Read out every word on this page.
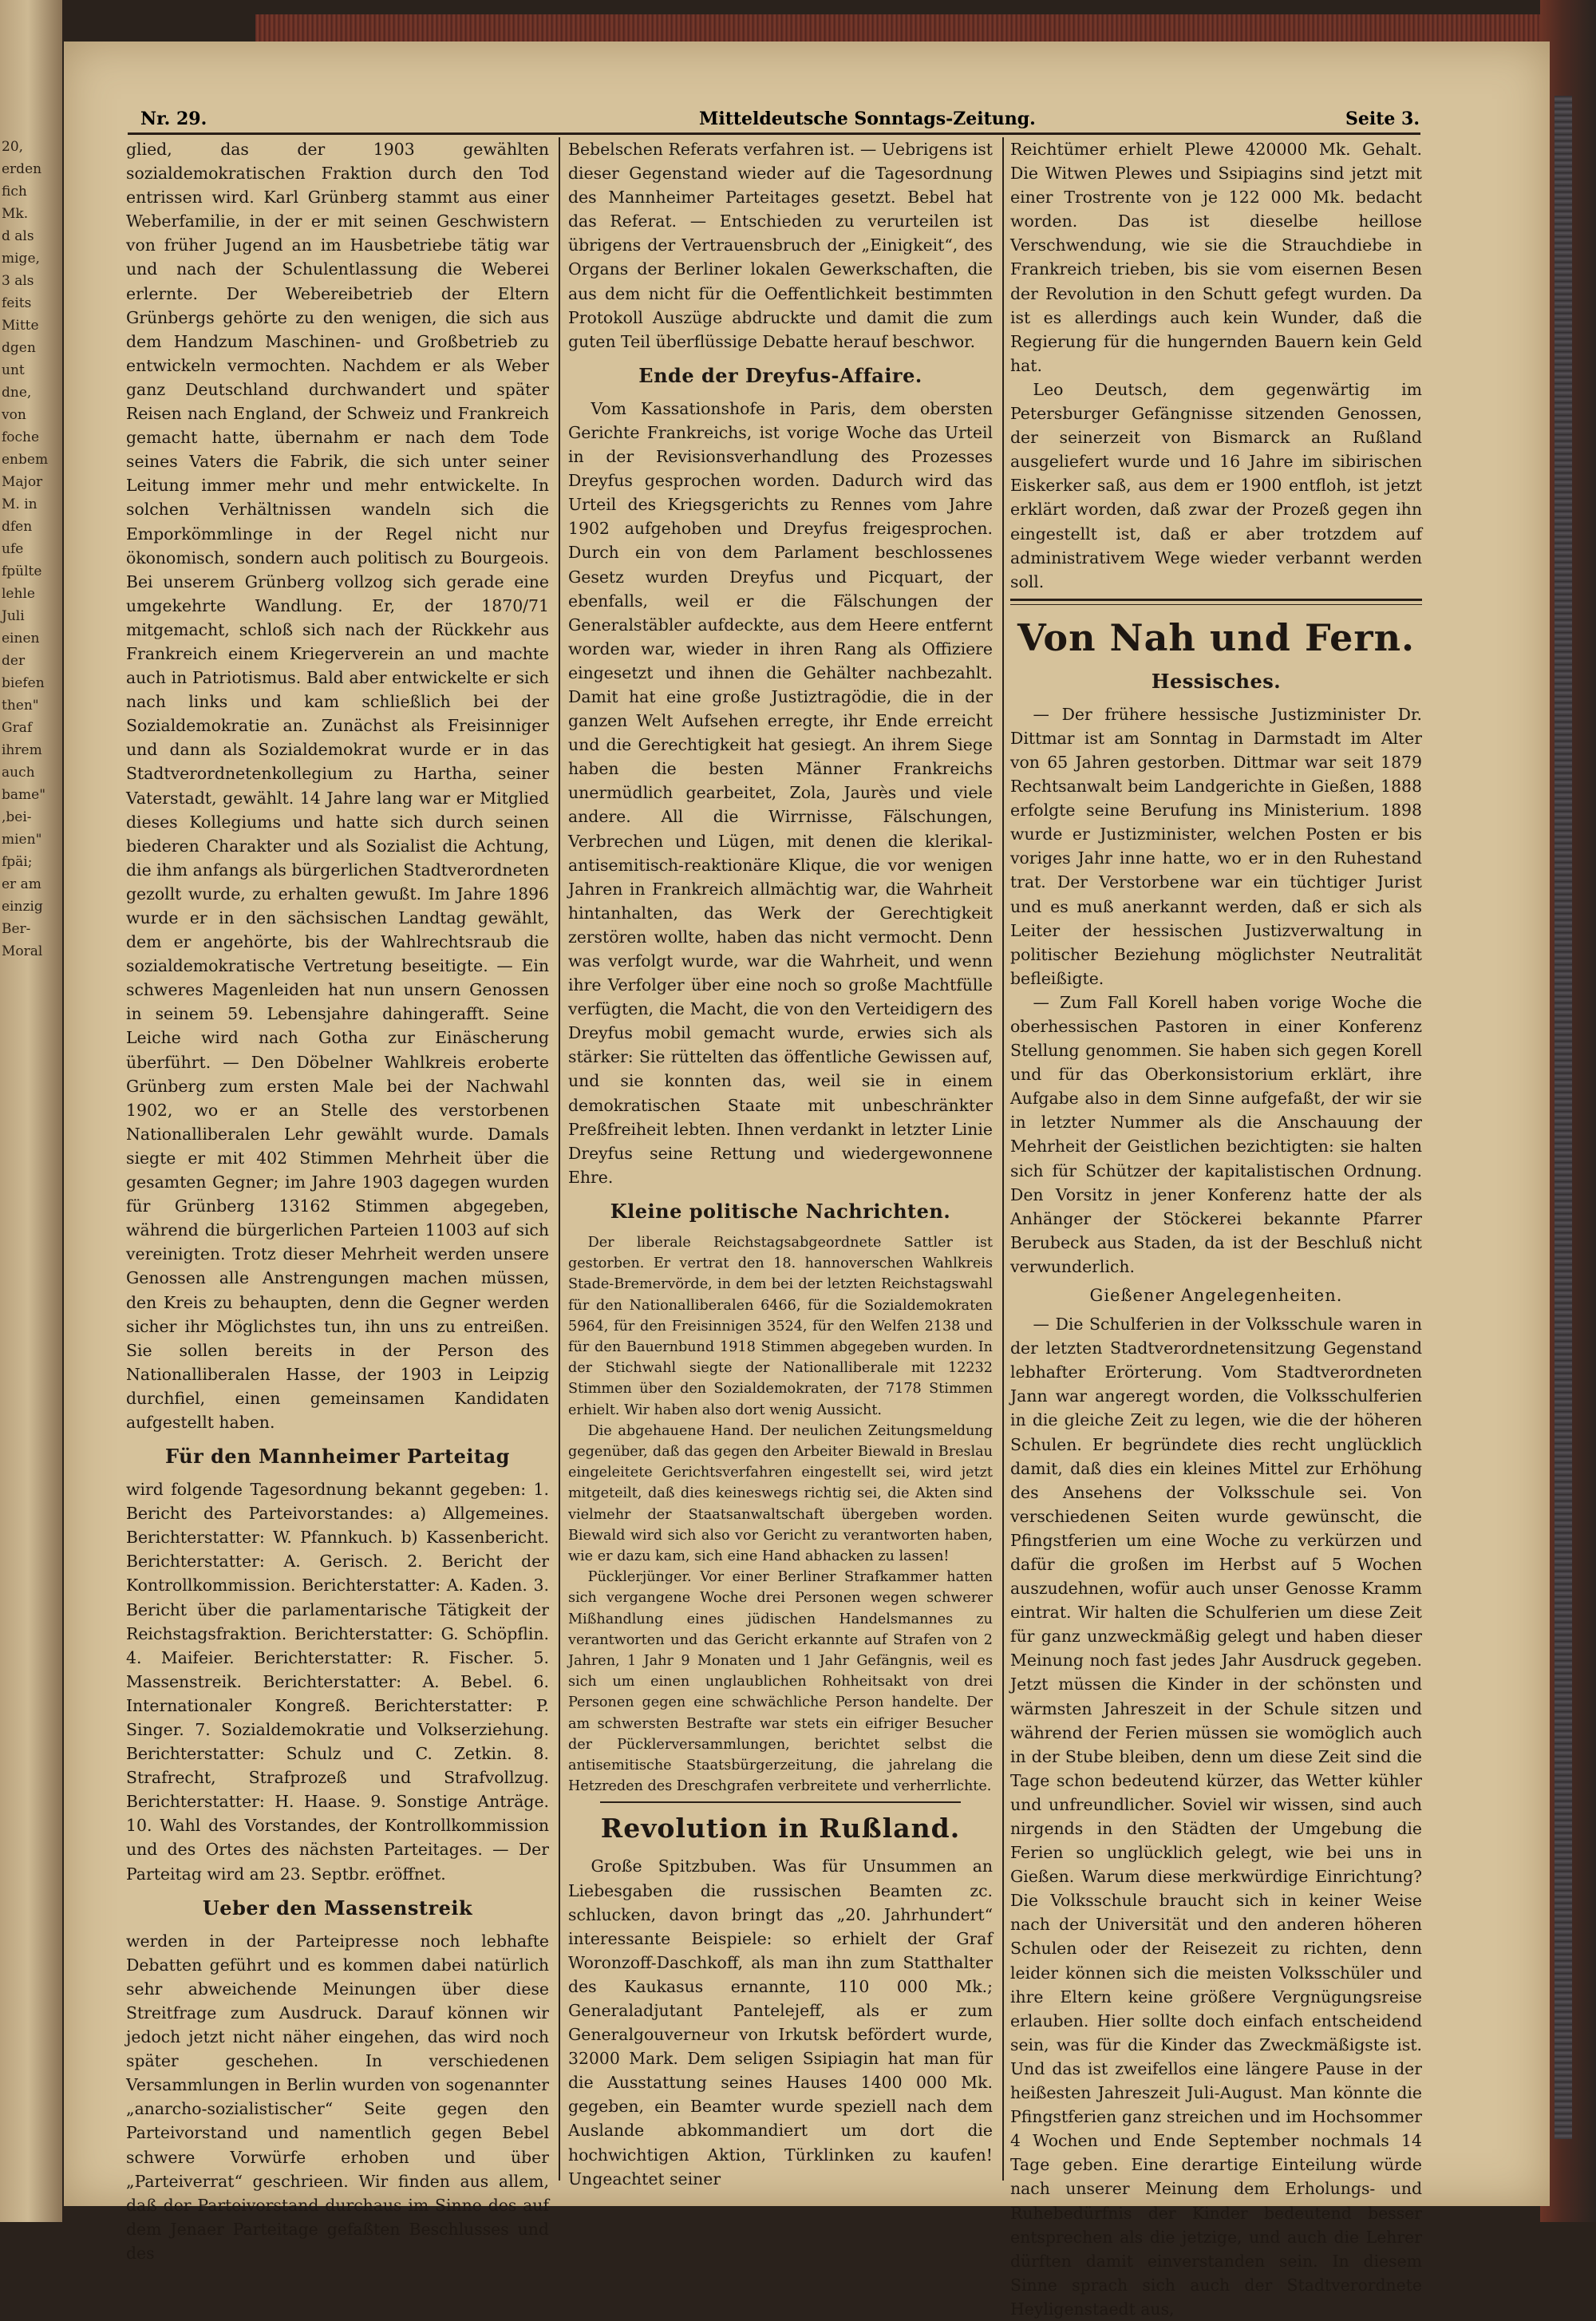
20,
erden
fich
Mk.
d als
mige,
3 als
feits
Mitte
dgen
unt
dne,
von
foche
enbem
Major
M. in
dfen
ufe
fpülte
lehle
Juli
einen
der
biefen
then"
Graf
ihrem
auch
bame"
,bei-
mien"
fpäi;
er am
einzig
Ber-
Moral
Nr. 29.	Mitteldeutsche Sonntags-Zeitung.	Seite 3.

glied, das der 1903 gewählten sozialdemokratischen Fraktion durch den Tod entrissen wird. Karl Grünberg stammt aus einer Weberfamilie, in der er mit seinen Geschwistern von früher Jugend an im Hausbetriebe tätig war und nach der Schulentlassung die Weberei erlernte. Der Webereibetrieb der Eltern Grünbergs gehörte zu den wenigen, die sich aus dem Handzum Maschinen- und Großbetrieb zu entwickeln vermochten. Nachdem er als Weber ganz Deutschland durchwandert und später Reisen nach England, der Schweiz und Frankreich gemacht hatte, übernahm er nach dem Tode seines Vaters die Fabrik, die sich unter seiner Leitung immer mehr und mehr entwickelte. In solchen Verhältnissen wandeln sich die Emporkömmlinge in der Regel nicht nur ökonomisch, sondern auch politisch zu Bourgeois. Bei unserem Grünberg vollzog sich gerade eine umgekehrte Wandlung. Er, der 1870/71 mitgemacht, schloß sich nach der Rückkehr aus Frankreich einem Kriegerverein an und machte auch in Patriotismus. Bald aber entwickelte er sich nach links und kam schließlich bei der Sozialdemokratie an. Zunächst als Freisinniger und dann als Sozialdemokrat wurde er in das Stadtverordnetenkollegium zu Hartha, seiner Vaterstadt, gewählt. 14 Jahre lang war er Mitglied dieses Kollegiums und hatte sich durch seinen biederen Charakter und als Sozialist die Achtung, die ihm anfangs als bürgerlichen Stadtverordneten gezollt wurde, zu erhalten gewußt. Im Jahre 1896 wurde er in den sächsischen Landtag gewählt, dem er angehörte, bis der Wahlrechtsraub die sozialdemokratische Vertretung beseitigte. — Ein schweres Magenleiden hat nun unsern Genossen in seinem 59. Lebensjahre dahingerafft. Seine Leiche wird nach Gotha zur Einäscherung überführt. — Den Döbelner Wahlkreis eroberte Grünberg zum ersten Male bei der Nachwahl 1902, wo er an Stelle des verstorbenen Nationalliberalen Lehr gewählt wurde. Damals siegte er mit 402 Stimmen Mehrheit über die gesamten Gegner; im Jahre 1903 dagegen wurden für Grünberg 13162 Stimmen abgegeben, während die bürgerlichen Parteien 11003 auf sich vereinigten. Trotz dieser Mehrheit werden unsere Genossen alle Anstrengungen machen müssen, den Kreis zu behaupten, denn die Gegner werden sicher ihr Möglichstes tun, ihn uns zu entreißen. Sie sollen bereits in der Person des Nationalliberalen Hasse, der 1903 in Leipzig durchfiel, einen gemeinsamen Kandidaten aufgestellt haben.

Für den Mannheimer Parteitag

wird folgende Tagesordnung bekannt gegeben: 1. Bericht des Parteivorstandes: a) Allgemeines. Berichterstatter: W. Pfannkuch. b) Kassenbericht. Berichterstatter: A. Gerisch. 2. Bericht der Kontrollkommission. Berichterstatter: A. Kaden. 3. Bericht über die parlamentarische Tätigkeit der Reichstagsfraktion. Berichterstatter: G. Schöpflin. 4. Maifeier. Berichterstatter: R. Fischer. 5. Massenstreik. Berichterstatter: A. Bebel. 6. Internationaler Kongreß. Berichterstatter: P. Singer. 7. Sozialdemokratie und Volkserziehung. Berichterstatter: Schulz und C. Zetkin. 8. Strafrecht, Strafprozeß und Strafvollzug. Berichterstatter: H. Haase. 9. Sonstige Anträge. 10. Wahl des Vorstandes, der Kontrollkommission und des Ortes des nächsten Parteitages. — Der Parteitag wird am 23. Septbr. eröffnet.

Ueber den Massenstreik

werden in der Parteipresse noch lebhafte Debatten geführt und es kommen dabei natürlich sehr abweichende Meinungen über diese Streitfrage zum Ausdruck. Darauf können wir jedoch jetzt nicht näher eingehen, das wird noch später geschehen. In verschiedenen Versammlungen in Berlin wurden von sogenannter „anarcho-sozialistischer“ Seite gegen den Parteivorstand und namentlich gegen Bebel schwere Vorwürfe erhoben und über „Parteiverrat“ geschrieen. Wir finden aus allem, daß der Parteivorstand durchaus im Sinne des auf dem Jenaer Parteitage gefaßten Beschlusses und des

Bebelschen Referats verfahren ist. — Uebrigens ist dieser Gegenstand wieder auf die Tagesordnung des Mannheimer Parteitages gesetzt. Bebel hat das Referat. — Entschieden zu verurteilen ist übrigens der Vertrauensbruch der „Einigkeit“, des Organs der Berliner lokalen Gewerkschaften, die aus dem nicht für die Oeffentlichkeit bestimmten Protokoll Auszüge abdruckte und damit die zum guten Teil überflüssige Debatte herauf beschwor.

Ende der Dreyfus-Affaire.

Vom Kassationshofe in Paris, dem obersten Gerichte Frankreichs, ist vorige Woche das Urteil in der Revisionsverhandlung des Prozesses Dreyfus gesprochen worden. Dadurch wird das Urteil des Kriegsgerichts zu Rennes vom Jahre 1902 aufgehoben und Dreyfus freigesprochen. Durch ein von dem Parlament beschlossenes Gesetz wurden Dreyfus und Picquart, der ebenfalls, weil er die Fälschungen der Generalstäbler aufdeckte, aus dem Heere entfernt worden war, wieder in ihren Rang als Offiziere eingesetzt und ihnen die Gehälter nachbezahlt. Damit hat eine große Justiztragödie, die in der ganzen Welt Aufsehen erregte, ihr Ende erreicht und die Gerechtigkeit hat gesiegt. An ihrem Siege haben die besten Männer Frankreichs unermüdlich gearbeitet, Zola, Jaurès und viele andere. All die Wirrnisse, Fälschungen, Verbrechen und Lügen, mit denen die klerikal-antisemitisch-reaktionäre Klique, die vor wenigen Jahren in Frankreich allmächtig war, die Wahrheit hintanhalten, das Werk der Gerechtigkeit zerstören wollte, haben das nicht vermocht. Denn was verfolgt wurde, war die Wahrheit, und wenn ihre Verfolger über eine noch so große Machtfülle verfügten, die Macht, die von den Verteidigern des Dreyfus mobil gemacht wurde, erwies sich als stärker: Sie rüttelten das öffentliche Gewissen auf, und sie konnten das, weil sie in einem demokratischen Staate mit unbeschränkter Preßfreiheit lebten. Ihnen verdankt in letzter Linie Dreyfus seine Rettung und wiedergewonnene Ehre.

Kleine politische Nachrichten.

Der liberale Reichstagsabgeordnete Sattler ist gestorben. Er vertrat den 18. hannoverschen Wahlkreis Stade-Bremervörde, in dem bei der letzten Reichstagswahl für den Nationalliberalen 6466, für die Sozialdemokraten 5964, für den Freisinnigen 3524, für den Welfen 2138 und für den Bauernbund 1918 Stimmen abgegeben wurden. In der Stichwahl siegte der Nationalliberale mit 12232 Stimmen über den Sozialdemokraten, der 7178 Stimmen erhielt. Wir haben also dort wenig Aussicht.

Die abgehauene Hand. Der neulichen Zeitungsmeldung gegenüber, daß das gegen den Arbeiter Biewald in Breslau eingeleitete Gerichtsverfahren eingestellt sei, wird jetzt mitgeteilt, daß dies keineswegs richtig sei, die Akten sind vielmehr der Staatsanwaltschaft übergeben worden. Biewald wird sich also vor Gericht zu verantworten haben, wie er dazu kam, sich eine Hand abhacken zu lassen!

Pücklerjünger. Vor einer Berliner Strafkammer hatten sich vergangene Woche drei Personen wegen schwerer Mißhandlung eines jüdischen Handelsmannes zu verantworten und das Gericht erkannte auf Strafen von 2 Jahren, 1 Jahr 9 Monaten und 1 Jahr Gefängnis, weil es sich um einen unglaublichen Rohheitsakt von drei Personen gegen eine schwächliche Person handelte. Der am schwersten Bestrafte war stets ein eifriger Besucher der Pücklerversammlungen, berichtet selbst die antisemitische Staatsbürgerzeitung, die jahrelang die Hetzreden des Dreschgrafen verbreitete und verherrlichte.

Revolution in Rußland.

Große Spitzbuben. Was für Unsummen an Liebesgaben die russischen Beamten zc. schlucken, davon bringt das „20. Jahrhundert“ interessante Beispiele: so erhielt der Graf Woronzoff-Daschkoff, als man ihn zum Statthalter des Kaukasus ernannte, 110 000 Mk.; Generaladjutant Pantelejeff, als er zum Generalgouverneur von Irkutsk befördert wurde, 32000 Mark. Dem seligen Ssipiagin hat man für die Ausstattung seines Hauses 1400 000 Mk. gegeben, ein Beamter wurde speziell nach dem Auslande abkommandiert um dort die hochwichtigen Aktion, Türklinken zu kaufen! Ungeachtet seiner

Reichtümer erhielt Plewe 420000 Mk. Gehalt. Die Witwen Plewes und Ssipiagins sind jetzt mit einer Trostrente von je 122 000 Mk. bedacht worden. Das ist dieselbe heillose Verschwendung, wie sie die Strauchdiebe in Frankreich trieben, bis sie vom eisernen Besen der Revolution in den Schutt gefegt wurden. Da ist es allerdings auch kein Wunder, daß die Regierung für die hungernden Bauern kein Geld hat.

Leo Deutsch, dem gegenwärtig im Petersburger Gefängnisse sitzenden Genossen, der seinerzeit von Bismarck an Rußland ausgeliefert wurde und 16 Jahre im sibirischen Eiskerker saß, aus dem er 1900 entfloh, ist jetzt erklärt worden, daß zwar der Prozeß gegen ihn eingestellt ist, daß er aber trotzdem auf administrativem Wege wieder verbannt werden soll.

Von Nah und Fern.
Hessisches.

— Der frühere hessische Justizminister Dr. Dittmar ist am Sonntag in Darmstadt im Alter von 65 Jahren gestorben. Dittmar war seit 1879 Rechtsanwalt beim Landgerichte in Gießen, 1888 erfolgte seine Berufung ins Ministerium. 1898 wurde er Justizminister, welchen Posten er bis voriges Jahr inne hatte, wo er in den Ruhestand trat. Der Verstorbene war ein tüchtiger Jurist und es muß anerkannt werden, daß er sich als Leiter der hessischen Justizverwaltung in politischer Beziehung möglichster Neutralität befleißigte.

— Zum Fall Korell haben vorige Woche die oberhessischen Pastoren in einer Konferenz Stellung genommen. Sie haben sich gegen Korell und für das Oberkonsistorium erklärt, ihre Aufgabe also in dem Sinne aufgefaßt, der wir sie in letzter Nummer als die Anschauung der Mehrheit der Geistlichen bezichtigten: sie halten sich für Schützer der kapitalistischen Ordnung. Den Vorsitz in jener Konferenz hatte der als Anhänger der Stöckerei bekannte Pfarrer Berubeck aus Staden, da ist der Beschluß nicht verwunderlich.

Gießener Angelegenheiten.

— Die Schulferien in der Volksschule waren in der letzten Stadtverordnetensitzung Gegenstand lebhafter Erörterung. Vom Stadtverordneten Jann war angeregt worden, die Volksschulferien in die gleiche Zeit zu legen, wie die der höheren Schulen. Er begründete dies recht unglücklich damit, daß dies ein kleines Mittel zur Erhöhung des Ansehens der Volksschule sei. Von verschiedenen Seiten wurde gewünscht, die Pfingstferien um eine Woche zu verkürzen und dafür die großen im Herbst auf 5 Wochen auszudehnen, wofür auch unser Genosse Kramm eintrat. Wir halten die Schulferien um diese Zeit für ganz unzweckmäßig gelegt und haben dieser Meinung noch fast jedes Jahr Ausdruck gegeben. Jetzt müssen die Kinder in der schönsten und wärmsten Jahreszeit in der Schule sitzen und während der Ferien müssen sie womöglich auch in der Stube bleiben, denn um diese Zeit sind die Tage schon bedeutend kürzer, das Wetter kühler und unfreundlicher. Soviel wir wissen, sind auch nirgends in den Städten der Umgebung die Ferien so unglücklich gelegt, wie bei uns in Gießen. Warum diese merkwürdige Einrichtung? Die Volksschule braucht sich in keiner Weise nach der Universität und den anderen höheren Schulen oder der Reisezeit zu richten, denn leider können sich die meisten Volksschüler und ihre Eltern keine größere Vergnügungsreise erlauben. Hier sollte doch einfach entscheidend sein, was für die Kinder das Zweckmäßigste ist. Und das ist zweifellos eine längere Pause in der heißesten Jahreszeit Juli-August. Man könnte die Pfingstferien ganz streichen und im Hochsommer 4 Wochen und Ende September nochmals 14 Tage geben. Eine derartige Einteilung würde nach unserer Meinung dem Erholungs- und Ruhebedürfnis der Kinder bedeutend besser entsprechen als die jetzige, und auch die Lehrer dürften damit einverstanden sein. In diesem Sinne sprach sich auch der Stadtverordnete Heyligenstaedt aus,
